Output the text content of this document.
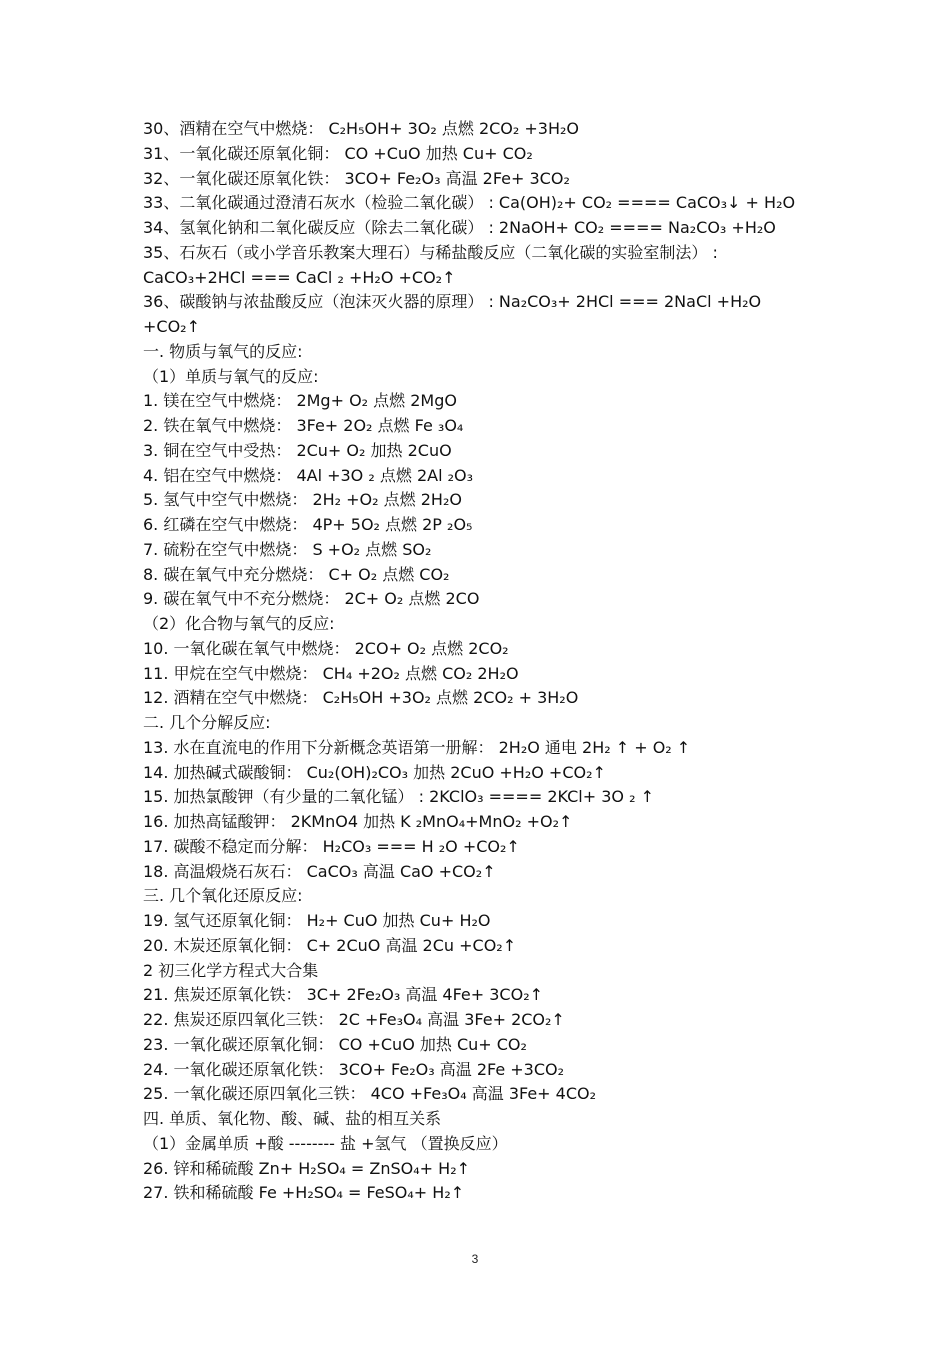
30、酒精在空气中燃烧： C₂H₅OH+ 3O₂ 点燃 2CO₂ +3H₂O
31、一氧化碳还原氧化铜： CO +CuO 加热 Cu+ CO₂
32、一氧化碳还原氧化铁： 3CO+ Fe₂O₃ 高温 2Fe+ 3CO₂
33、二氧化碳通过澄清石灰水（检验二氧化碳） : Ca(OH)₂+ CO₂ ==== CaCO₃↓ + H₂O
34、氢氧化钠和二氧化碳反应（除去二氧化碳） : 2NaOH+ CO₂ ==== Na₂CO₃ +H₂O
35、石灰石（或小学音乐教案大理石）与稀盐酸反应（二氧化碳的实验室制法） :
CaCO₃+2HCl === CaCl ₂ +H₂O +CO₂↑
36、碳酸钠与浓盐酸反应（泡沫灭火器的原理） : Na₂CO₃+ 2HCl === 2NaCl +H₂O
+CO₂↑
一. 物质与氧气的反应:
（1）单质与氧气的反应:
1. 镁在空气中燃烧： 2Mg+ O₂ 点燃 2MgO
2. 铁在氧气中燃烧： 3Fe+ 2O₂ 点燃 Fe ₃O₄
3. 铜在空气中受热： 2Cu+ O₂ 加热 2CuO
4. 铝在空气中燃烧： 4Al +3O ₂ 点燃 2Al ₂O₃
5. 氢气中空气中燃烧： 2H₂ +O₂ 点燃 2H₂O
6. 红磷在空气中燃烧： 4P+ 5O₂ 点燃 2P ₂O₅
7. 硫粉在空气中燃烧： S +O₂ 点燃 SO₂
8. 碳在氧气中充分燃烧： C+ O₂ 点燃 CO₂
9. 碳在氧气中不充分燃烧： 2C+ O₂ 点燃 2CO
（2）化合物与氧气的反应:
10. 一氧化碳在氧气中燃烧： 2CO+ O₂ 点燃 2CO₂
11. 甲烷在空气中燃烧： CH₄ +2O₂ 点燃 CO₂ 2H₂O
12. 酒精在空气中燃烧： C₂H₅OH +3O₂ 点燃 2CO₂ + 3H₂O
二. 几个分解反应:
13. 水在直流电的作用下分新概念英语第一册解： 2H₂O 通电 2H₂ ↑ + O₂ ↑
14. 加热碱式碳酸铜： Cu₂(OH)₂CO₃ 加热 2CuO +H₂O +CO₂↑
15. 加热氯酸钾（有少量的二氧化锰） : 2KClO₃ ==== 2KCl+ 3O ₂ ↑
16. 加热高锰酸钾： 2KMnO4 加热 K ₂MnO₄+MnO₂ +O₂↑
17. 碳酸不稳定而分解： H₂CO₃ === H ₂O +CO₂↑
18. 高温煅烧石灰石： CaCO₃ 高温 CaO +CO₂↑
三. 几个氧化还原反应:
19. 氢气还原氧化铜： H₂+ CuO 加热 Cu+ H₂O
20. 木炭还原氧化铜： C+ 2CuO 高温 2Cu +CO₂↑
2 初三化学方程式大合集
21. 焦炭还原氧化铁： 3C+ 2Fe₂O₃ 高温 4Fe+ 3CO₂↑
22. 焦炭还原四氧化三铁： 2C +Fe₃O₄ 高温 3Fe+ 2CO₂↑
23. 一氧化碳还原氧化铜： CO +CuO 加热 Cu+ CO₂
24. 一氧化碳还原氧化铁： 3CO+ Fe₂O₃ 高温 2Fe +3CO₂
25. 一氧化碳还原四氧化三铁： 4CO +Fe₃O₄ 高温 3Fe+ 4CO₂
四. 单质、氧化物、酸、碱、盐的相互关系
（1）金属单质 +酸 -------- 盐 +氢气 （置换反应）
26. 锌和稀硫酸 Zn+ H₂SO₄ = ZnSO₄+ H₂↑
27. 铁和稀硫酸 Fe +H₂SO₄ = FeSO₄+ H₂↑
3
